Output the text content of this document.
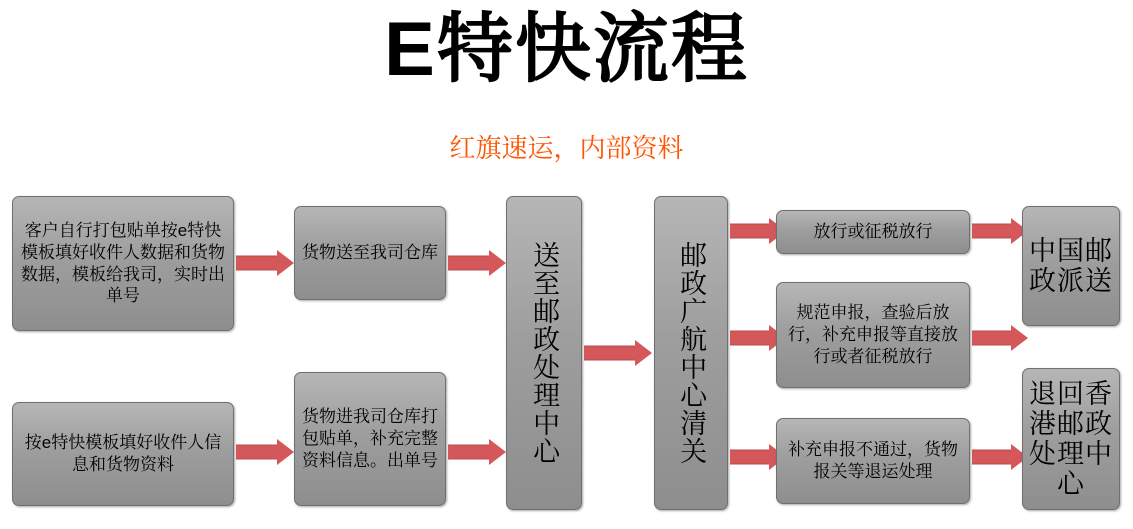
E特快流程
红旗速运，内部资料
客户自行打包贴单按e特快模板填好收件人数据和货物数据，模板给我司，实时出单号
货物送至我司仓库	送至邮政处理中心	邮政广航中心清关
放行或征税放行
中国邮政派送
规范申报，查验后放行，补充申报等直接放行或者征税放行
补充申报不通过，货物报关等退运处理
退回香港邮政处理中心
按e特快模板填好收件人信息和货物资料
货物进我司仓库打包贴单，补充完整资料信息。出单号
